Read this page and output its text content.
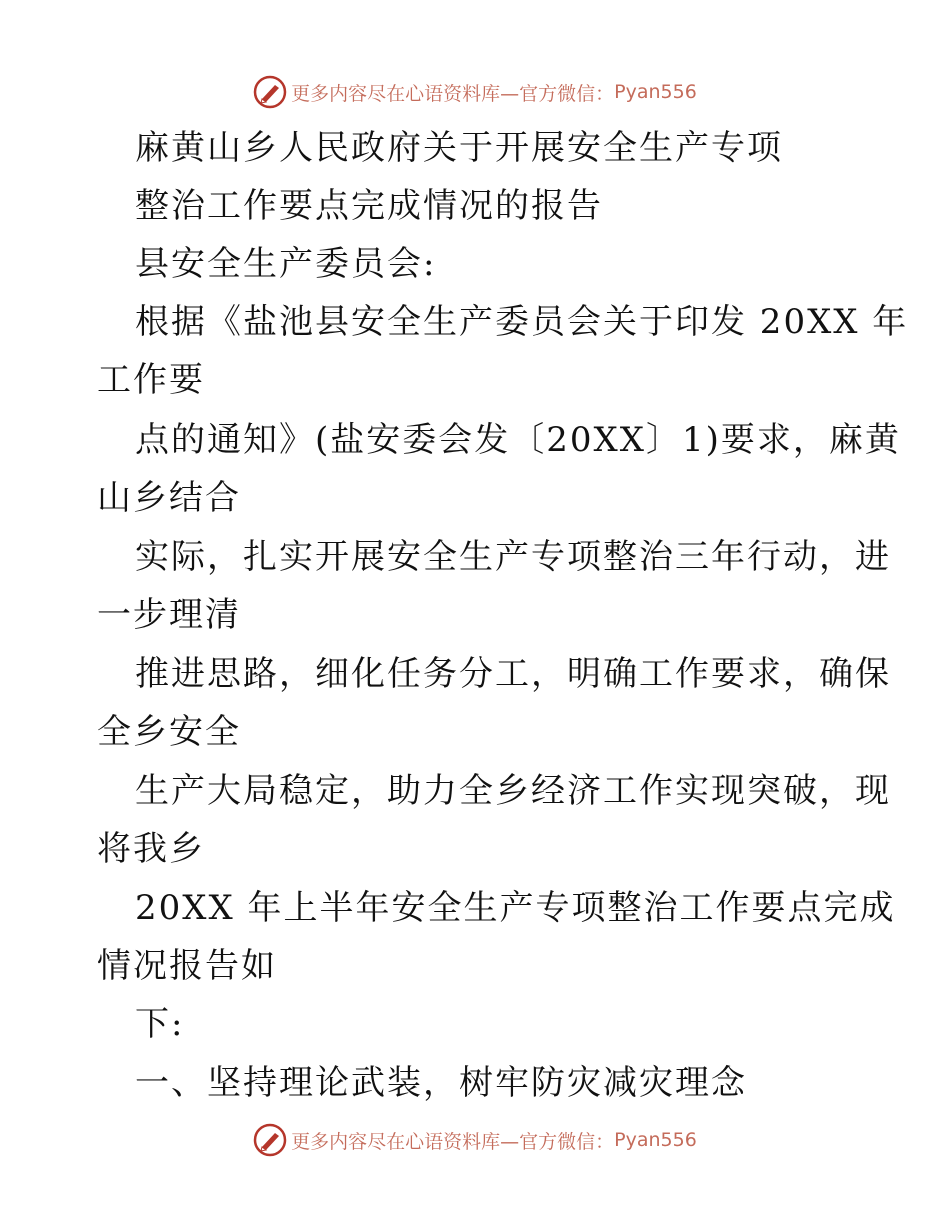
更多内容尽在心语资料库—官方微信： Pyan556
麻黄山乡人民政府关于开展安全生产专项
整治工作要点完成情况的报告
县安全生产委员会:
根据《盐池县安全生产委员会关于印发 20XX 年
工作要
点的通知》(盐安委会发〔20XX〕1)要求，麻黄
山乡结合
实际，扎实开展安全生产专项整治三年行动，进
一步理清
推进思路，细化任务分工，明确工作要求，确保
全乡安全
生产大局稳定，助力全乡经济工作实现突破，现
将我乡
20XX 年上半年安全生产专项整治工作要点完成
情况报告如
下:
一、坚持理论武装，树牢防灾减灾理念
更多内容尽在心语资料库—官方微信： Pyan556
